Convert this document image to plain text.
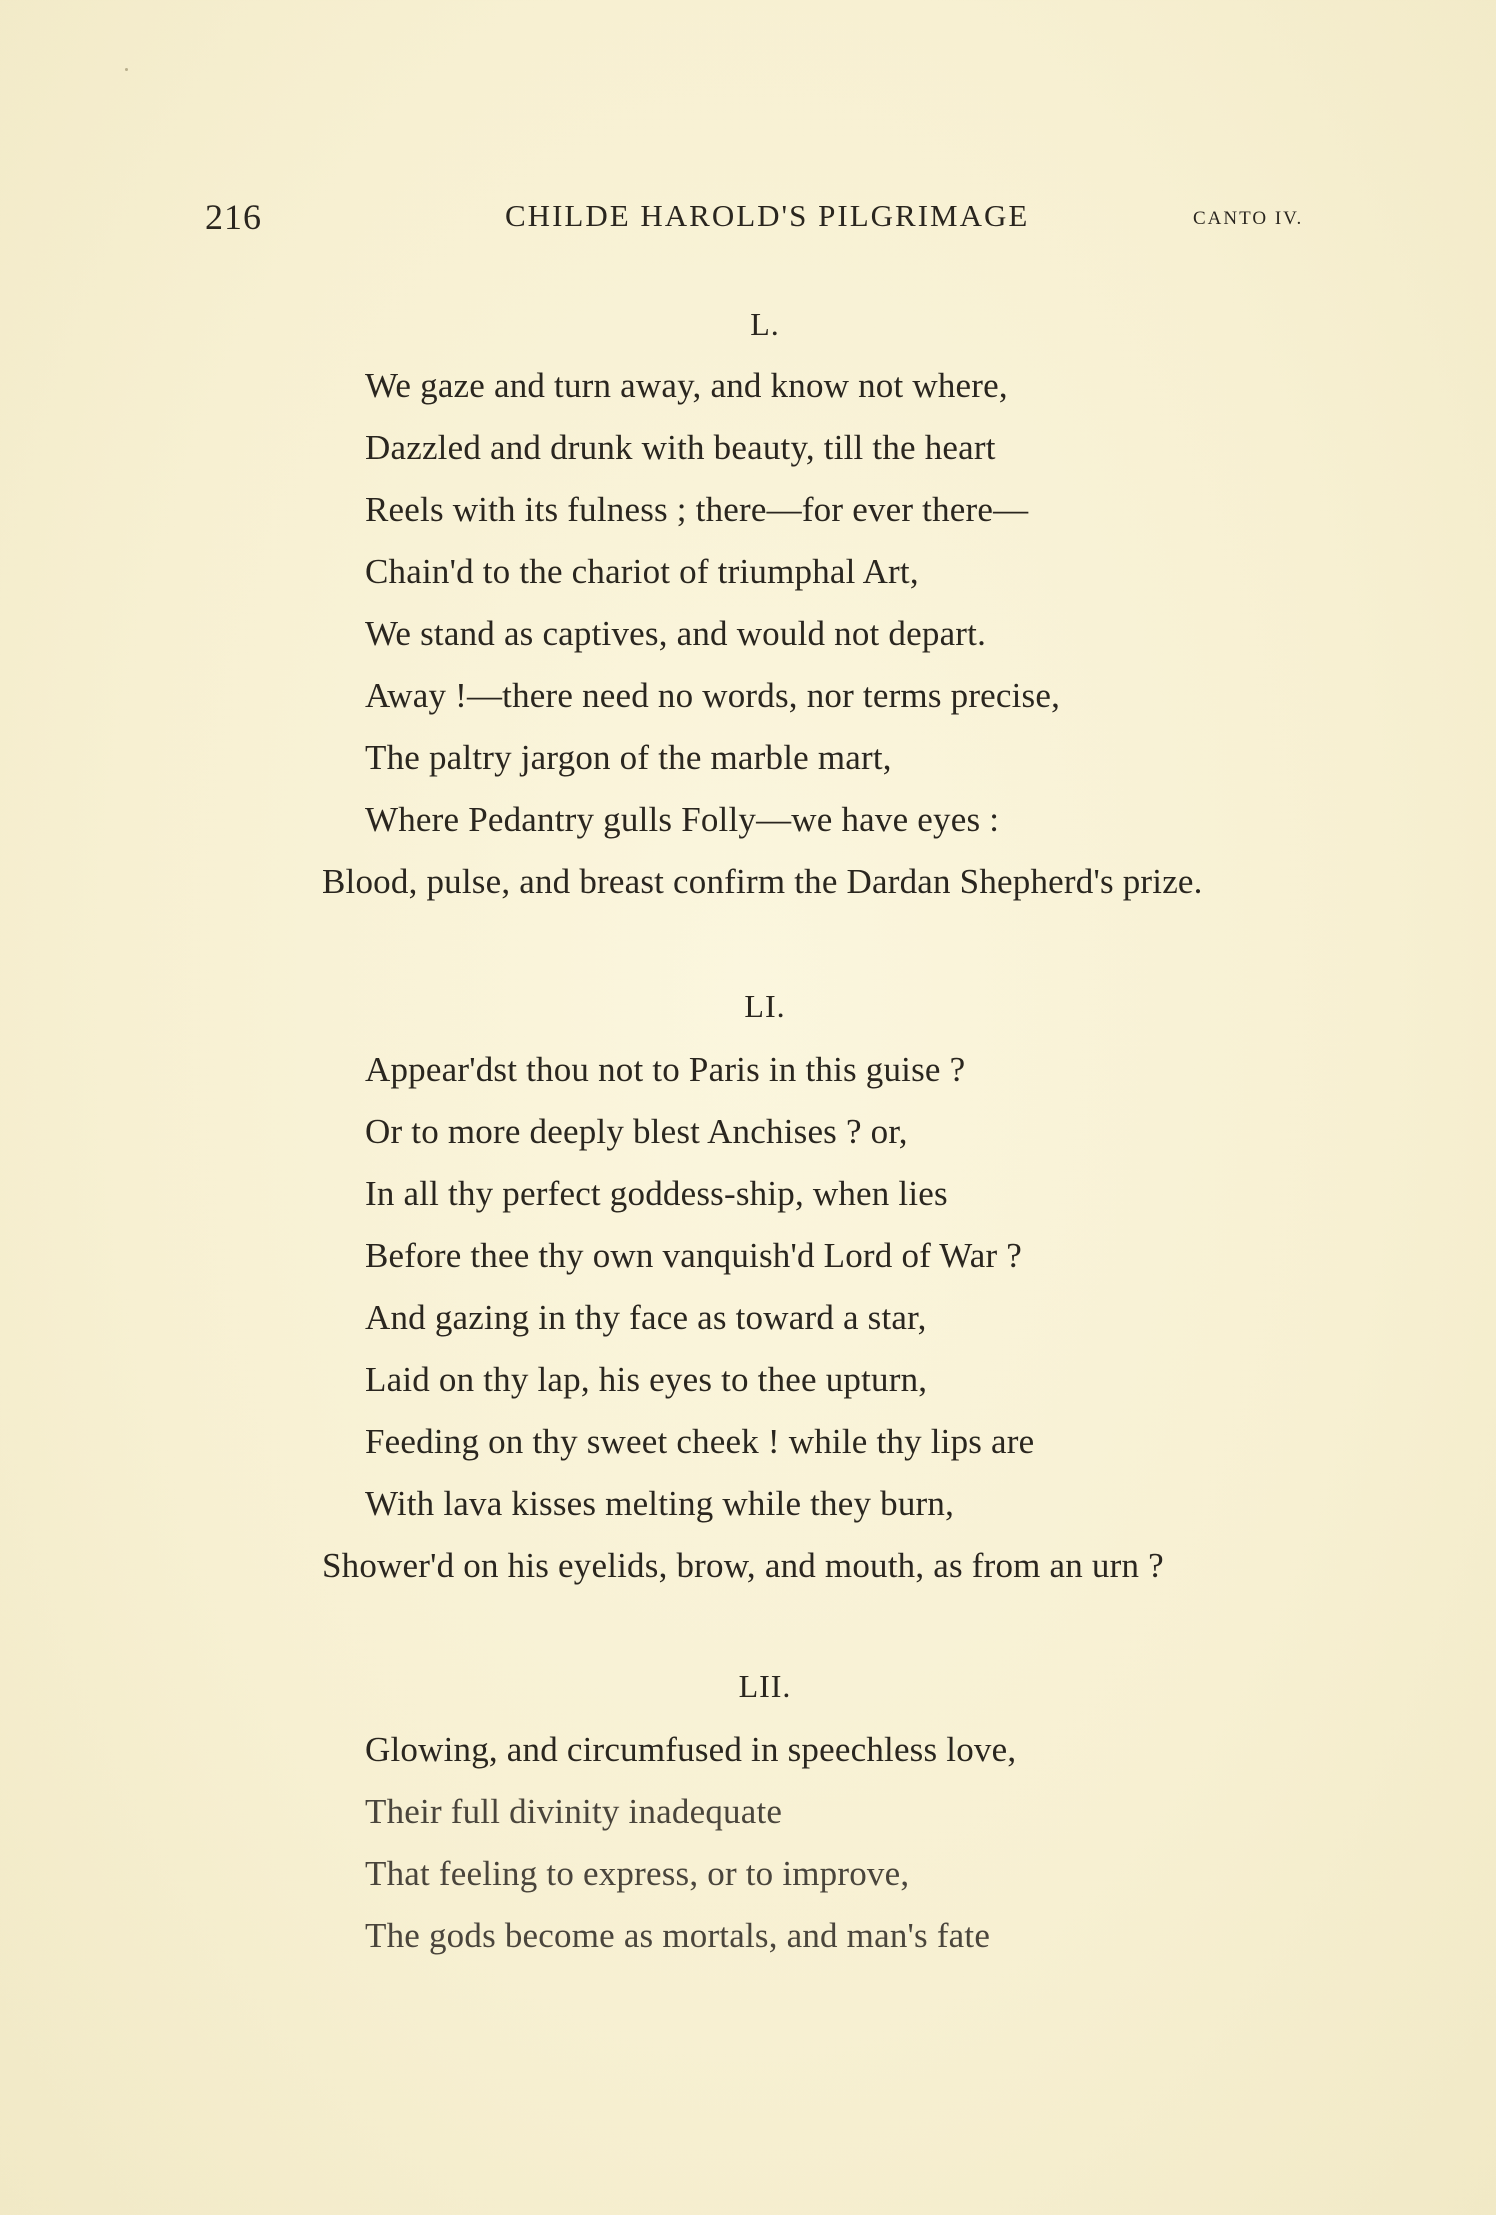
216	CHILDE HAROLD'S PILGRIMAGE	CANTO IV.
L.
We gaze and turn away, and know not where,
Dazzled and drunk with beauty, till the heart
Reels with its fulness ; there—for ever there—
Chain'd to the chariot of triumphal Art,
We stand as captives, and would not depart.
Away !—there need no words, nor terms precise,
The paltry jargon of the marble mart,
Where Pedantry gulls Folly—we have eyes :
Blood, pulse, and breast confirm the Dardan Shepherd's prize.
LI.
Appear'dst thou not to Paris in this guise ?
Or to more deeply blest Anchises ? or,
In all thy perfect goddess-ship, when lies
Before thee thy own vanquish'd Lord of War ?
And gazing in thy face as toward a star,
Laid on thy lap, his eyes to thee upturn,
Feeding on thy sweet cheek ! while thy lips are
With lava kisses melting while they burn,
Shower'd on his eyelids, brow, and mouth, as from an urn ?
LII.
Glowing, and circumfused in speechless love,
Their full divinity inadequate
That feeling to express, or to improve,
The gods become as mortals, and man's fate
